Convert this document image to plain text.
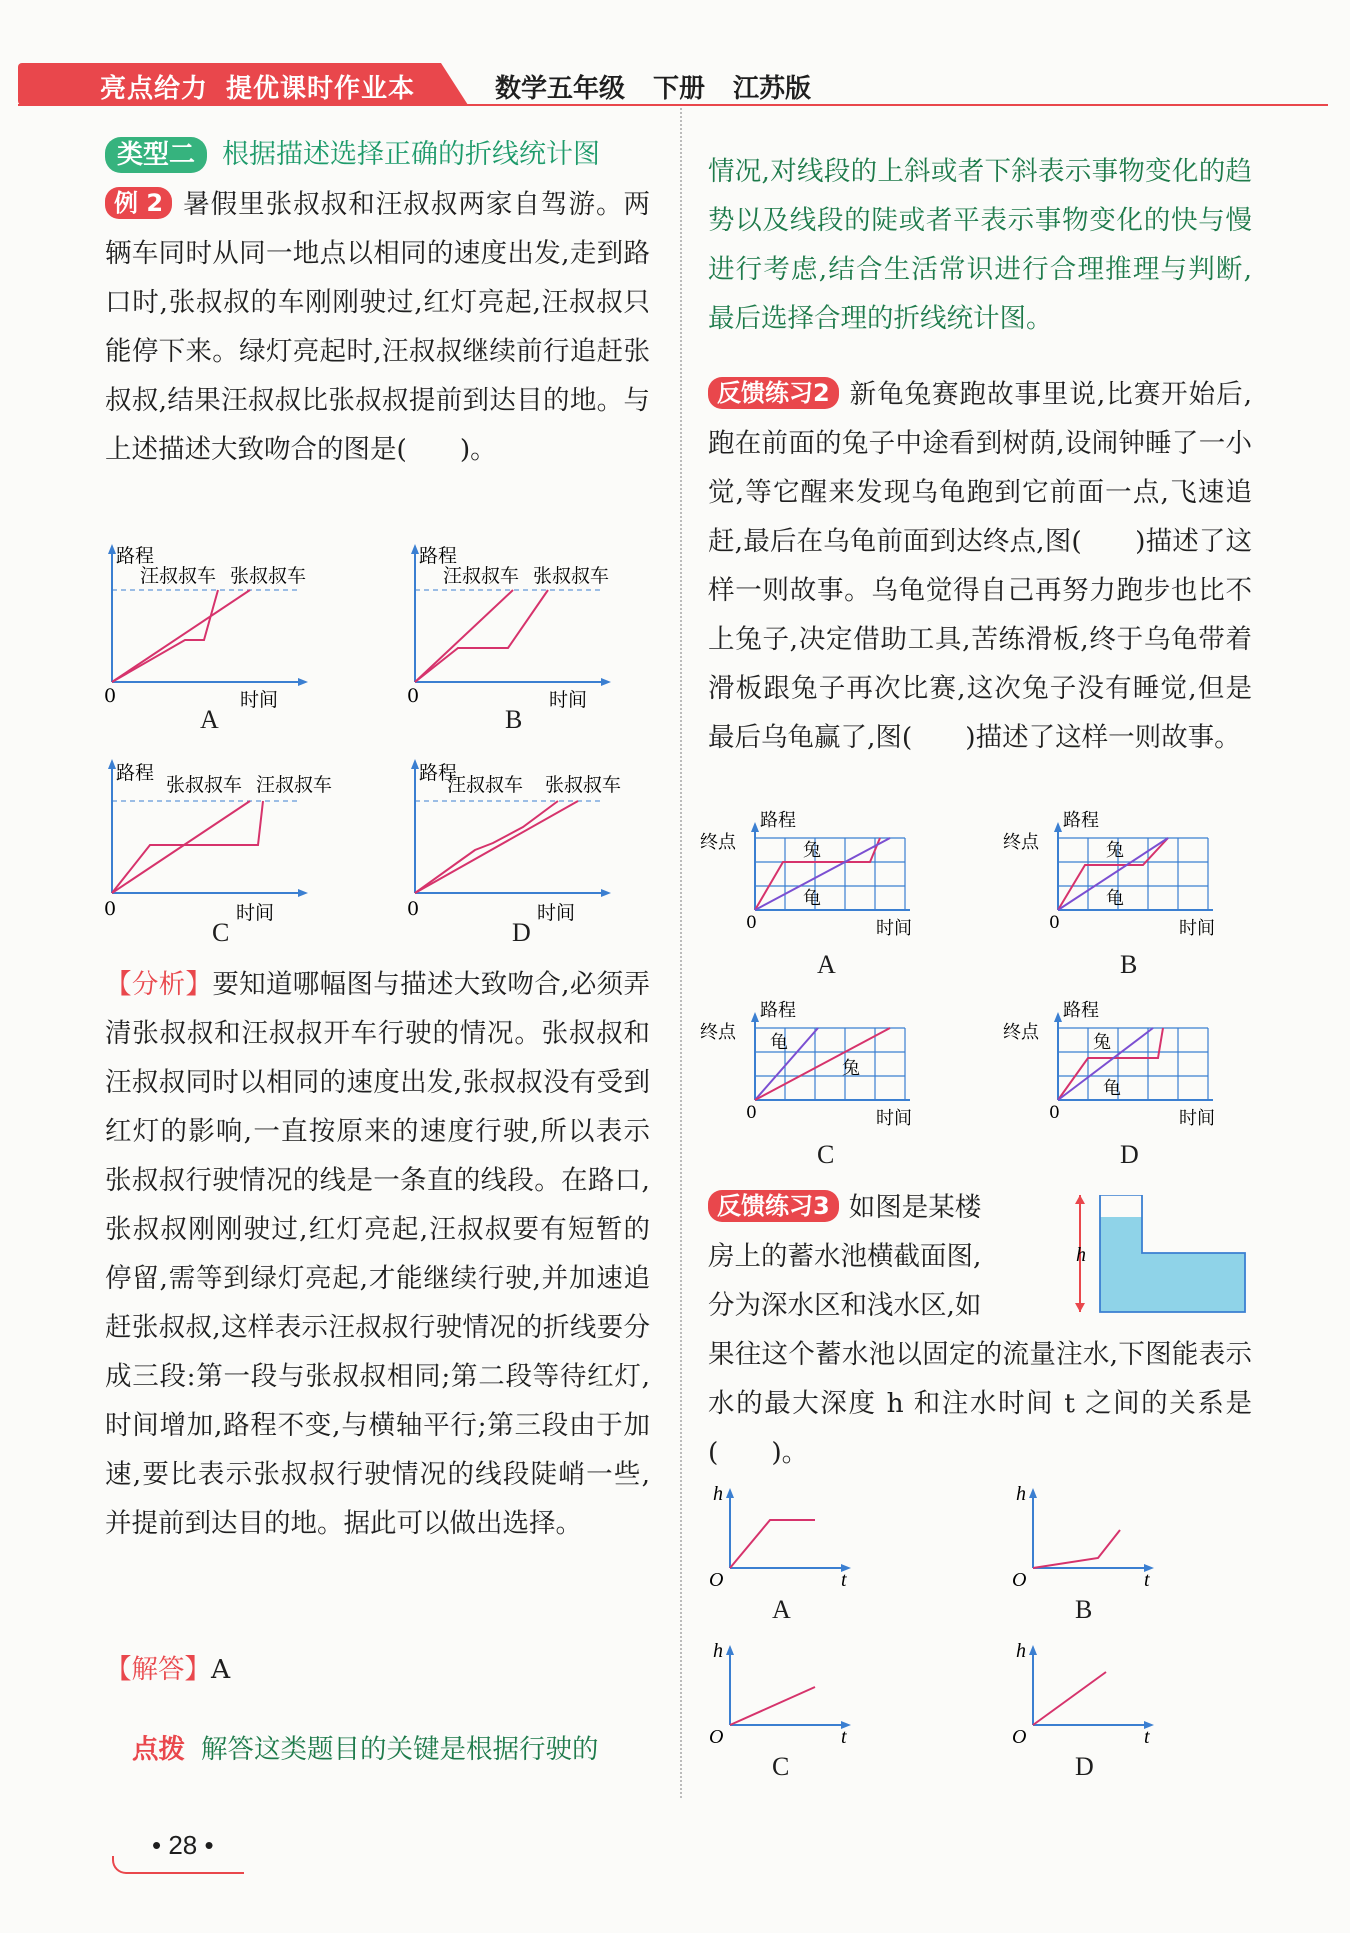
亮点给力 提优课时作业本	数学五年级 下册 江苏版
类型二 根据描述选择正确的折线统计图

例 2 暑假里张叔叔和汪叔叔两家自驾游。两辆车同时从同一地点以相同的速度出发,走到路口时,张叔叔的车刚刚驶过,红灯亮起,汪叔叔只能停下来。绿灯亮起时,汪叔叔继续前行追赶张叔叔,结果汪叔叔比张叔叔提前到达目的地。与上述描述大致吻合的图是(　　)。

路程
汪叔叔车 张叔叔车
0	时间
A
路程
汪叔叔车 张叔叔车
0	时间
B
路程
张叔叔车 汪叔叔车
0	时间
C
路程
汪叔叔车 张叔叔车
0	时间
D

【分析】要知道哪幅图与描述大致吻合,必须弄清张叔叔和汪叔叔开车行驶的情况。张叔叔和汪叔叔同时以相同的速度出发,张叔叔没有受到红灯的影响,一直按原来的速度行驶,所以表示张叔叔行驶情况的线是一条直的线段。在路口,张叔叔刚刚驶过,红灯亮起,汪叔叔要有短暂的停留,需等到绿灯亮起,才能继续行驶,并加速追赶张叔叔,这样表示汪叔叔行驶情况的折线要分成三段:第一段与张叔叔相同;第二段等待红灯,时间增加,路程不变,与横轴平行;第三段由于加速,要比表示张叔叔行驶情况的线段陡峭一些,并提前到达目的地。据此可以做出选择。

【解答】A

点拨 解答这类题目的关键是根据行驶的

情况,对线段的上斜或者下斜表示事物变化的趋势以及线段的陡或者平表示事物变化的快与慢进行考虑,结合生活常识进行合理推理与判断,最后选择合理的折线统计图。

反馈练习2 新龟兔赛跑故事里说,比赛开始后,跑在前面的兔子中途看到树荫,设闹钟睡了一小觉,等它醒来发现乌龟跑到它前面一点,飞速追赶,最后在乌龟前面到达终点,图(　　)描述了这样一则故事。乌龟觉得自己再努力跑步也比不上兔子,决定借助工具,苦练滑板,终于乌龟带着滑板跟兔子再次比赛,这次兔子没有睡觉,但是最后乌龟赢了,图(　　)描述了这样一则故事。

路程
终点	兔
龟
0	时间
A
路程
终点	兔
龟
0	时间
B
路程
终点 龟
兔
0	时间
C
路程
终点	兔
龟
0	时间
D

反馈练习3 如图是某楼
房上的蓄水池横截面图,
分为深水区和浅水区,如

果往这个蓄水池以固定的流量注水,下图能表示水的最大深度 h 和注水时间 t 之间的关系是(　　)。

h
h
O	t
A
h
O	t
B
h
O	t
C
h
O	t
D
• 28 •
